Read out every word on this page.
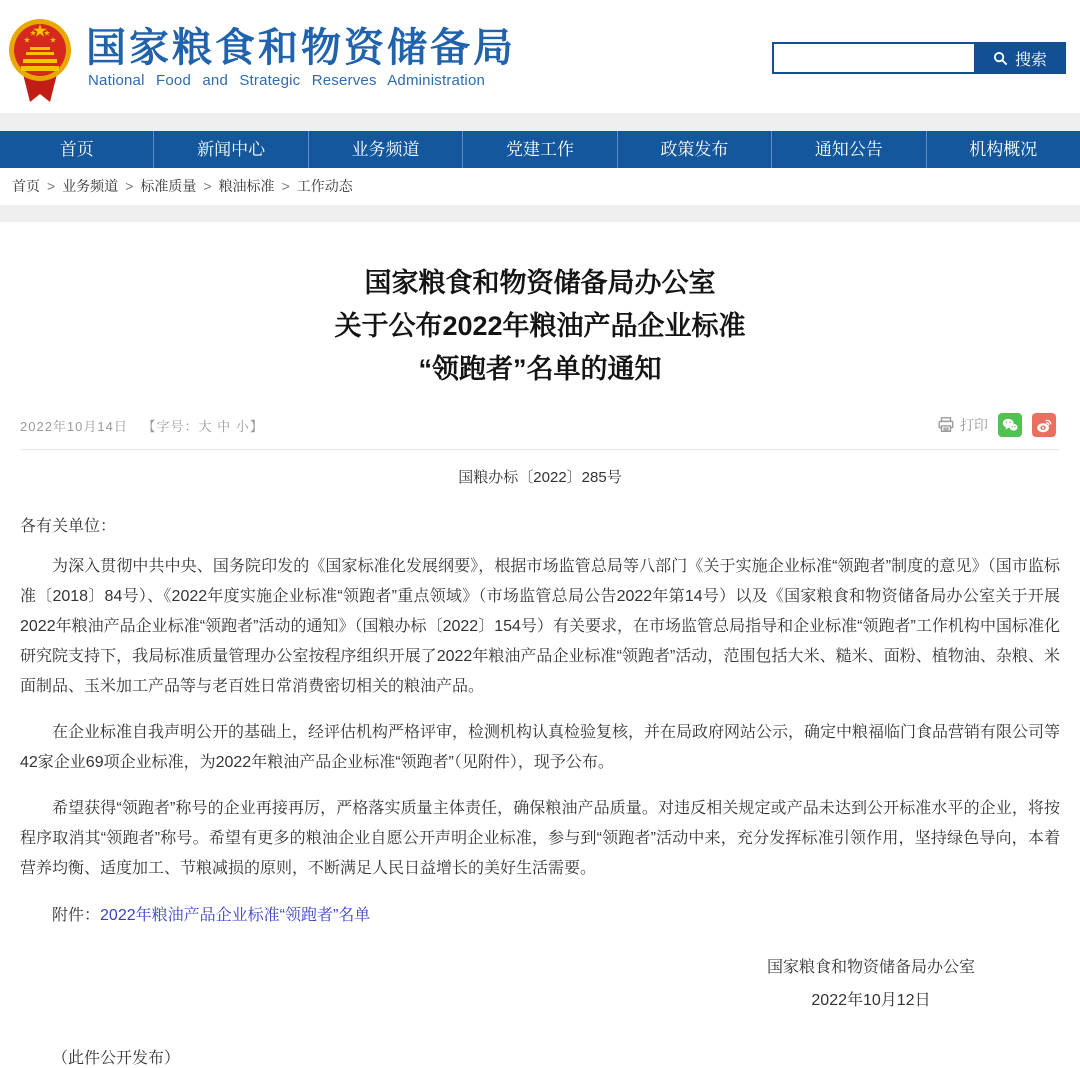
国家粮食和物资储备局
National Food and Strategic Reserves Administration
搜索
首页	新闻中心	业务频道	党建工作	政策发布	通知公告	机构概况
首页 > 业务频道 > 标准质量 > 粮油标准 > 工作动态
国家粮食和物资储备局办公室
关于公布2022年粮油产品企业标准
“领跑者”名单的通知
2022年10月14日 【字号：大 中 小】	打印
国粮办标〔2022〕285号
各有关单位：

为深入贯彻中共中央、国务院印发的《国家标准化发展纲要》，根据市场监管总局等八部门《关于实施企业标准“领跑者”制度的意见》（国市监标准〔2018〕84号）、《2022年度实施企业标准“领跑者”重点领域》（市场监管总局公告2022年第14号）以及《国家粮食和物资储备局办公室关于开展2022年粮油产品企业标准“领跑者”活动的通知》（国粮办标〔2022〕154号）有关要求，在市场监管总局指导和企业标准“领跑者”工作机构中国标准化研究院支持下，我局标准质量管理办公室按程序组织开展了2022年粮油产品企业标准“领跑者”活动，范围包括大米、糙米、面粉、植物油、杂粮、米面制品、玉米加工产品等与老百姓日常消费密切相关的粮油产品。

在企业标准自我声明公开的基础上，经评估机构严格评审，检测机构认真检验复核，并在局政府网站公示，确定中粮福临门食品营销有限公司等42家企业69项企业标准，为2022年粮油产品企业标准“领跑者”（见附件），现予公布。

希望获得“领跑者”称号的企业再接再厉，严格落实质量主体责任，确保粮油产品质量。对违反相关规定或产品未达到公开标准水平的企业，将按程序取消其“领跑者”称号。希望有更多的粮油企业自愿公开声明企业标准，参与到“领跑者”活动中来，充分发挥标准引领作用，坚持绿色导向，本着营养均衡、适度加工、节粮减损的原则，不断满足人民日益增长的美好生活需要。

附件：2022年粮油产品企业标准“领跑者”名单
国家粮食和物资储备局办公室
2022年10月12日
（此件公开发布）
